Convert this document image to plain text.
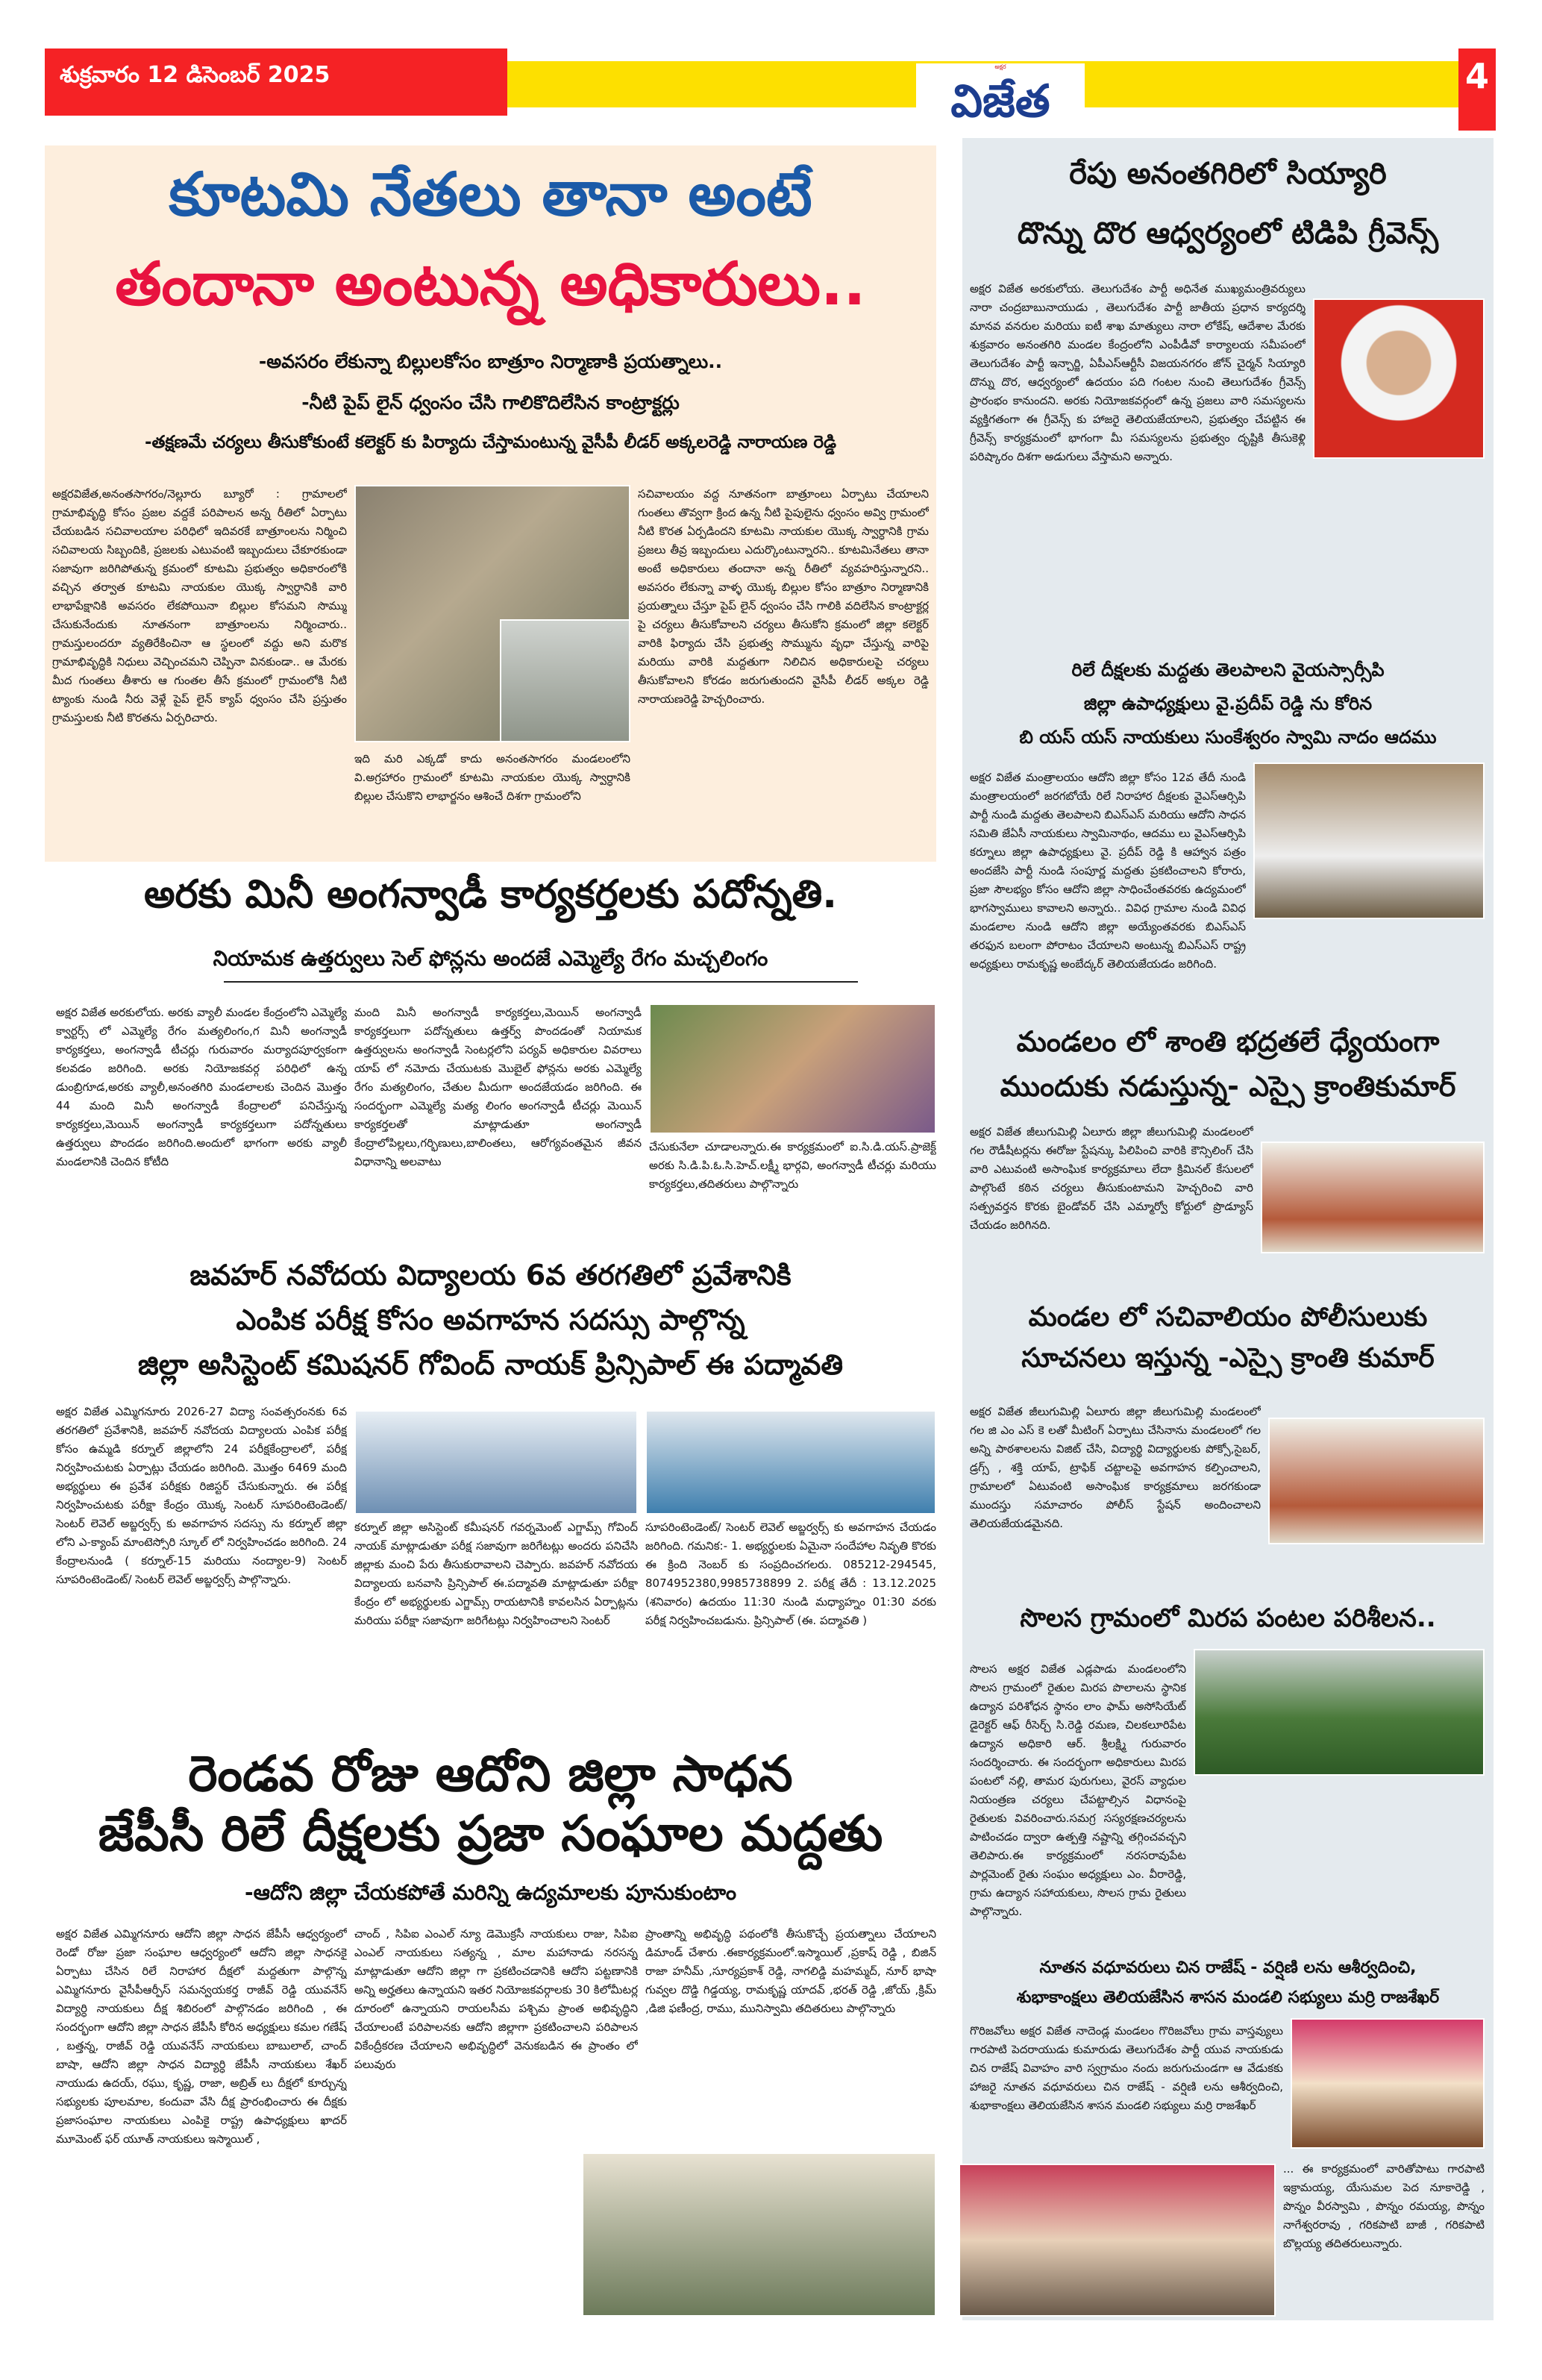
శుక్రవారం 12 డిసెంబర్ 2025	అక్షర
విజేత	4
కూటమి నేతలు తానా అంటే
తందానా అంటున్న అధికారులు..
-అవసరం లేకున్నా బిల్లులకోసం బాత్రూం నిర్మాణాకి ప్రయత్నాలు..
-నీటి పైప్ లైన్ ధ్వంసం చేసి గాలికొదిలేసిన కాంట్రాక్టర్లు
-తక్షణమే చర్యలు తీసుకోకుంటే కలెక్టర్ కు పిర్యాదు చేస్తామంటున్న వైసీపీ లీడర్ అక్కలరెడ్డి నారాయణ రెడ్డి
అక్షరవిజేత,అనంతసాగరం/నెల్లూరు బ్యూరో : గ్రామాలలో గ్రామాభివృద్ధి కోసం ప్రజల వద్దకే పరిపాలన అన్న రీతిలో ఏర్పాటు చేయబడిన సచివాలయాల పరిధిలో ఇదివరకే బాత్రూంలను నిర్మించి సచివాలయ సిబ్బందికి, ప్రజలకు ఎటువంటి ఇబ్బందులు చేకూరకుండా సజావుగా జరిగిపోతున్న క్రమంలో కూటమి ప్రభుత్వం అధికారంలోకి వచ్చిన తర్వాత కూటమి నాయకుల యొక్క స్వార్ధానికి వారి లాభాపేక్షానికి అవసరం లేకపోయినా బిల్లుల కోసమని సొమ్ము చేసుకునేందుకు నూతనంగా బాత్రూంలను నిర్మించారు.. గ్రామస్తులందరూ వ్యతిరేకించినా ఆ స్థలంలో వద్దు అని మరొక గ్రామాభివృద్ధికి నిధులు వెచ్చించమని చెప్పినా వినకుండా.. ఆ మేరకు మీద గుంతలు తీశారు ఆ గుంతల తీసే క్రమంలో గ్రామంలోకి నీటి ట్యాంకు నుండి నీరు వెళ్లే పైప్ లైన్ క్యాప్ ధ్వంసం చేసి ప్రస్తుతం గ్రామస్తులకు నీటి కొరతను ఏర్పరిచారు.
ఇది మరి ఎక్కడో కాదు అనంతసాగరం మండలంలోని వి.అగ్రహారం గ్రామంలో కూటమి నాయకుల యొక్క స్వార్ధానికి బిల్లుల చేసుకొని లాభార్జనం ఆశించే దిశగా గ్రామంలోని
సచివాలయం వద్ద నూతనంగా బాత్రూంలు ఏర్పాటు చేయాలని గుంతలు తొవ్వగా క్రింద ఉన్న నీటి పైపులైను ధ్వంసం అవ్వి గ్రామంలో నీటి కొరత ఏర్పడిందని కూటమి నాయకుల యొక్క స్వార్ధానికి గ్రామ ప్రజలు తీవ్ర ఇబ్బందులు ఎదుర్కొంటున్నారని.. కూటమినేతలు తానా అంటే అధికారులు తందానా అన్న రీతిలో వ్యవహరిస్తున్నారని.. అవసరం లేకున్నా వాళ్ళ యొక్క బిల్లుల కోసం బాత్రూం నిర్మాణానికి ప్రయత్నాలు చేస్తూ పైప్ లైన్ ధ్వంసం చేసి గాలికి వదిలేసిన కాంట్రాక్టర్ల పై చర్యలు తీసుకోవాలని చర్యలు తీసుకోని క్రమంలో జిల్లా కలెక్టర్ వారికి ఫిర్యాదు చేసి ప్రభుత్వ సొమ్మును వృధా చేస్తున్న వారిపై మరియు వారికి మద్దతుగా నిలిచిన అధికారులపై చర్యలు తీసుకోవాలని కోరడం జరుగుతుందని వైసీపీ లీడర్ అక్కల రెడ్డి నారాయణరెడ్డి హెచ్చరించారు.
అరకు మినీ అంగన్వాడీ కార్యకర్తలకు పదోన్నతి.
నియామక ఉత్తర్వులు సెల్ ఫోన్లను అందజే ఎమ్మెల్యే రేగం మచ్చలింగం
అక్షర విజేత అరకులోయ. అరకు వ్యాలీ మండల కేంద్రంలోని ఎమ్మెల్యే క్వార్టర్స్ లో ఎమ్మెల్యే రేగం మత్యలింగం,గ మినీ అంగన్వాడీ కార్యకర్తలు, అంగన్వాడీ టీచర్లు గురువారం మర్యాదపూర్వకంగా కలవడం జరిగింది. అరకు నియోజకవర్గ పరిధిలో ఉన్న డుంబ్రిగూడ,అరకు వ్యాలీ,అనంతగిరి మండలాలకు చెందిన మొత్తం 44 మంది మినీ అంగన్వాడీ కేంద్రాలలో పనిచేస్తున్న కార్యకర్తలు,మెయిన్ అంగన్వాడీ కార్యకర్తలుగా పదోన్నతులు ఉత్తర్వులు పొందడం జరిగింది.అందులో భాగంగా అరకు వ్యాలీ మండలానికి చెందిన కోటీది
మంది మినీ అంగన్వాడీ కార్యకర్తలు,మెయిన్ అంగన్వాడీ కార్యకర్తలుగా పదోన్నతులు ఉత్తర్వ్ పొందడంతో నియామక ఉత్తర్వులను అంగన్వాడీ సెంటర్లలోని పర్యవ్ అధికారుల వివరాలు యాప్ లో నమోదు చేయుటకు మొబైల్ ఫోన్లను అరకు ఎమ్మెల్యే రేగం మత్యలింగం, చేతుల మీదుగా అందజేయడం జరిగింది. ఈ సందర్భంగా ఎమ్మెల్యే మత్య లింగం అంగన్వాడీ టీచర్లు మెయిన్ కార్యకర్తలతో మాట్లాడుతూ అంగన్వాడీ కేంద్రాలోపిల్లలు,గర్భిణులు,బాలింతలు, ఆరోగ్యవంతమైన జీవన విధానాన్ని అలవాటు
చేసుకునేలా చూడాలన్నారు.ఈ కార్యక్రమంలో ఐ.సి.డి.యస్.ప్రాజెక్ట్ అరకు సి.డి.పి.ఓ.సి.హెచ్.లక్ష్మీ భార్గవి, అంగన్వాడీ టీచర్లు మరియు కార్యకర్తలు,తదితరులు పాల్గొన్నారు
జవహర్ నవోదయ విద్యాలయ 6వ తరగతిలో ప్రవేశానికి
ఎంపిక పరీక్ష కోసం అవగాహన సదస్సు పాల్గొన్న
జిల్లా అసిస్టెంట్ కమిషనర్ గోవింద్ నాయక్ ప్రిన్సిపాల్ ఈ పద్మావతి
అక్షర విజేత ఎమ్మిగనూరు 2026-27 విద్యా సంవత్సరంనకు 6వ తరగతిలో ప్రవేశానికి, జవహర్ నవోదయ విద్యాలయ ఎంపిక పరీక్ష కోసం ఉమ్మడి కర్నూల్ జిల్లాలోని 24 పరీక్షకేంద్రాలలో, పరీక్ష నిర్వహించుటకు ఏర్పాట్లు చేయడం జరిగింది. మొత్తం 6469 మంది అభ్యర్థులు ఈ ప్రవేశ పరీక్షకు రిజిస్టర్ చేసుకున్నారు. ఈ పరీక్ష నిర్వహించుటకు పరీక్షా కేంద్రం యొక్క సెంటర్ సూపరింటెండెంట్/ సెంటర్ లెవెల్ అబ్జర్వర్స్ కు అవగాహన సదస్సు ను కర్నూల్ జిల్లా లోని ఎ-క్యాంప్ మాంటెస్సోరి స్కూల్ లో నిర్వహించడం జరిగింది. 24 కేంద్రాలనుండి ( కర్నూల్-15 మరియు నంద్యాల-9) సెంటర్ సూపరింటెండెంట్/ సెంటర్ లెవెల్ అబ్జర్వర్స్ పాల్గొన్నారు.
కర్నూల్ జిల్లా అసిస్టెంట్ కమీషనర్ గవర్నమెంట్ ఎగ్జామ్స్ గోవింద్ నాయక్ మాట్లాడుతూ పరీక్ష సజావుగా జరిగేటట్లు అందరు పనిచేసి జిల్లాకు మంచి పేరు తీసుకురావాలని చెప్పారు. జవహర్ నవోదయ విద్యాలయ బనవాసి ప్రిన్సిపాల్ ఈ.పద్మావతి మాట్లాడుతూ పరీక్షా కేంద్రం లో అభ్యర్థులకు ఎగ్జామ్స్ రాయటానికి కావలసిన ఏర్పాట్లను మరియు పరీక్షా సజావుగా జరిగేటట్లు నిర్వహించాలని సెంటర్
సూపరింటెండెంట్/ సెంటర్ లెవెల్ అబ్జర్వర్స్ కు అవగాహన చేయడం జరిగింది. గమనిక:- 1. అభ్యర్థులకు ఏమైనా సందేహాల నివృతి కొరకు ఈ క్రింది నెంబర్ కు సంప్రదించగలరు. 085212-294545, 8074952380,9985738899 2. పరీక్ష తేదీ : 13.12.2025 (శనివారం) ఉదయం 11:30 నుండి మధ్యాహ్నం 01:30 వరకు పరీక్ష నిర్వహించబడును. ప్రిన్సిపాల్ (ఈ. పద్మావతి )
రెండవ రోజు ఆదోని జిల్లా సాధన
జేపీసీ రిలే దీక్షలకు ప్రజా సంఘాల మద్దతు
-ఆదోని జిల్లా చేయకపోతే మరిన్ని ఉద్యమాలకు పూనుకుంటాం
అక్షర విజేత ఎమ్మిగనూరు ఆదోని జిల్లా సాధన జేపీసీ ఆధ్వర్యంలో రెండో రోజు ప్రజా సంఘాల ఆధ్వర్యంలో ఆదోని జిల్లా సాధనకై ఏర్పాటు చేసిన రిలే నిరాహార దీక్షలో మద్దతుగా పాల్గొన్న ఎమ్మిగనూరు వైసీపీఆర్పీస్ సమన్వయకర్త రాజీవ్ రెడ్డి యువనేస్ విద్యార్ధి నాయకులు దీక్ష శిబిరంలో పాల్గొనడం జరిగింది , ఈ సందర్భంగా ఆదోని జిల్లా సాధన జేపీసీ కోరిన అధ్యక్షులు కమల గణేష్ , బత్తన్న, రాజీవ్ రెడ్డి యువనేస్ నాయకులు బాబులాల్, చాంద్ బాషా, ఆదోని జిల్లా సాధన విద్యార్ధి జేపీసీ నాయకులు శేఖర్ నాయుడు ఉదయ్, రఘు, కృష్ణ, రాజా, అబ్రిత్ లు దీక్షలో కూర్చున్న సభ్యులకు పూలమాల, కందువా వేసి దీక్ష ప్రారంభించారు ఈ దీక్షకు ప్రజాసంఘాల నాయకులు ఎంపికై రాష్ట్ర ఉపాధ్యక్షులు ఖాదర్ మూమెంట్ ఫర్ యూత్ నాయకులు ఇస్మాయిల్ ,
చాంద్ , సిపిఐ ఎంఎల్ న్యూ డెమొక్రసీ నాయకులు రాజు, సిపిఐ ఎంఎల్ నాయకులు సత్యన్న , మాల మహానాడు నరసన్న మాట్లాడుతూ ఆదోని జిల్లా గా ప్రకటించడానికి ఆదోని పట్టణానికి అన్ని అర్హతలు ఉన్నాయని ఇతర నియోజకవర్గాలకు 30 కిలోమీటర్ల దూరంలో ఉన్నాయని రాయలసీమ పశ్చిమ ప్రాంత అభివృద్ధిని చేయాలంటే పరిపాలనకు ఆదోని జిల్లాగా ప్రకటించాలని పరిపాలన వికేంద్రీకరణ చేయాలని అభివృద్ధిలో వెనుకబడిన ఈ ప్రాంతం లో పలువురు
ప్రాంతాన్ని అభివృద్ధి పథంలోకి తీసుకొచ్చే ప్రయత్నాలు చేయాలని డిమాండ్ చేశారు .ఈకార్యక్రమంలో.ఇస్మాయిల్ ,ప్రకాష్ రెడ్డి , బిజిన్ రాజా హనీమ్ ,సూర్యప్రకాశ్ రెడ్డి, నాగలిడ్డి మహమ్మద్, నూర్ భాషా గువ్వల దొడ్డి గిడ్డయ్య, రామకృష్ణ యాదవ్ ,భరత్ రెడ్డి ,జోయ్ ,క్రిమ్ ,డిజి ఫణీంద్ర, రాము, మునిస్వామి తదితరులు పాల్గొన్నారు
రేపు అనంతగిరిలో సియ్యారి
దొన్ను దొర ఆధ్వర్యంలో టిడిపి గ్రీవెన్స్
అక్షర విజేత అరకులోయ. తెలుగుదేశం పార్టీ అధినేత ముఖ్యమంత్రివర్యులు నారా చంద్రబాబునాయుడు , తెలుగుదేశం పార్టీ జాతీయ ప్రధాన కార్యదర్శి మానవ వనరుల మరియు ఐటీ శాఖ మాత్యులు నారా లోకేష్, ఆదేశాల మేరకు శుక్రవారం అనంతగిరి మండల కేంద్రంలోని ఎంపీడీవో కార్యాలయ సమీపంలో తెలుగుదేశం పార్టీ ఇన్చార్జి, ఏపీఎస్ఆర్టీసీ విజయనగరం జోన్ చైర్మన్ సియ్యారి దొన్ను దొర, ఆధ్వర్యంలో ఉదయం పది గంటల నుంచి తెలుగుదేశం గ్రీవెన్స్ ప్రారంభం కానుందని. అరకు నియోజకవర్గంలో ఉన్న ప్రజలు వారి సమస్యలను వ్యక్తిగతంగా ఈ గ్రీవెన్స్ కు హాజరై తెలియజేయాలని, ప్రభుత్వం చేపట్టిన ఈ గ్రీవెన్స్ కార్యక్రమంలో భాగంగా మీ సమస్యలను ప్రభుత్వం దృష్టికి తీసుకెళ్లి పరిష్కారం దిశగా అడుగులు వేస్తామని అన్నారు.
రిలే దీక్షలకు మద్దతు తెలపాలని వైయస్సార్సీపి
జిల్లా ఉపాధ్యక్షులు వై.ప్రదీప్ రెడ్డి ను కోరిన
బి యస్ యస్ నాయకులు సుంకేశ్వరం స్వామి నాదం ఆదము
అక్షర విజేత మంత్రాలయం ఆదోని జిల్లా కోసం 12వ తేదీ నుండి మంత్రాలయంలో జరగబోయే రిలే నిరాహార దీక్షలకు వైఎస్ఆర్సిపి పార్టీ నుండి మద్దతు తెలపాలని బిఎస్ఎస్ మరియు ఆదోని సాధన సమితి జేఏసీ నాయకులు స్వామినాథం, ఆదము లు వైఎస్ఆర్సిపి కర్నూలు జిల్లా ఉపాధ్యక్షులు వై. ప్రదీప్ రెడ్డి కి ఆహ్వాన పత్రం అందజేసి పార్టీ నుండి సంపూర్ణ మద్దతు ప్రకటించాలని కోరారు, ప్రజా సౌలభ్యం కోసం ఆదోని జిల్లా సాధించేంతవరకు ఉద్యమంలో భాగస్వాములు కావాలని అన్నారు.. వివిధ గ్రామాల నుండి వివిధ మండలాల నుండి ఆదోని జిల్లా అయ్యేంతవరకు బిఎస్ఎస్ తరఫున బలంగా పోరాటం చేయాలని అంటున్న బిఎస్ఎస్ రాష్ట్ర అధ్యక్షులు రామకృష్ణ అంబేద్కర్ తెలియజేయడం జరిగింది.
మండలం లో శాంతి భద్రతలే ధ్యేయంగా
ముందుకు నడుస్తున్న- ఎస్సై క్రాంతికుమార్
అక్షర విజేత జీలుగుమిల్లి ఏలూరు జిల్లా జీలుగుమిల్లి మండలంలో గల రౌడీషీటర్లను ఈరోజు స్టేషన్కు పిలిపించి వారికి కౌన్సిలింగ్ చేసి వారి ఎటువంటి అసాంఘిక కార్యక్రమాలు లేదా క్రిమినల్ కేసులలో పాల్గొంటే కఠిన చర్యలు తీసుకుంటామని హెచ్చరించి వారి సత్ప్రవర్తన కొరకు బైండోవర్ చేసి ఎమ్మార్వో కోర్టులో ప్రొడ్యూస్ చేయడం జరిగినది.
మండల లో సచివాలియం పోలీసులుకు
సూచనలు ఇస్తున్న -ఎస్సై క్రాంతి కుమార్
అక్షర విజేత జీలుగుమిల్లి ఏలూరు జిల్లా జీలుగుమిల్లి మండలంలో గల జి ఎం ఎస్ కె లతో మీటింగ్ ఏర్పాటు చేసినాను మండలంలో గల అన్ని పాఠశాలలను విజిట్ చేసి, విద్యార్థి విద్యార్థులకు పోక్సో,సైబర్, డ్రగ్స్ , శక్తి యాప్, ట్రాఫిక్ చట్టాలపై అవగాహన కల్పించాలని, గ్రామాలలో ఏటువంటి అసాంఘిక కార్యక్రమాలు జరగకుండా ముందస్తు సమాచారం పోలీస్ స్టేషన్ అందించాలని తెలియజేయడమైనది.
సొలస గ్రామంలో మిరప పంటల పరిశీలన..
సొలస అక్షర విజేత ఎడ్లపాడు మండలంలోని సొలస గ్రామంలో రైతుల మిరప పొలాలను స్థానిక ఉద్యాన పరిశోధన స్థానం లాం ఫామ్ అసోసియేట్ డైరెక్టర్ ఆఫ్ రీసెర్చ్ సి.రెడ్డి రమణ, చిలకలూరిపేట ఉద్యాన అధికారి ఆర్. శ్రీలక్ష్మి గురువారం సందర్శించారు. ఈ సందర్భంగా అధికారులు మిరప పంటలో నల్లి, తామర పురుగులు, వైరస్ వ్యాధుల నియంత్రణ చర్యలు చేపట్టాల్సిన విధానంపై రైతులకు వివరించారు.సమగ్ర సస్యరక్షణచర్యలను పాటించడం ద్వారా ఉత్పత్తి నష్టాన్ని తగ్గించవచ్చని తెలిపారు.ఈ కార్యక్రమంలో నరసరావుపేట పార్లమెంట్ రైతు సంఘం అధ్యక్షులు ఎం. వీరారెడ్డి, గ్రామ ఉద్యాన సహాయకులు, సొలస గ్రామ రైతులు పాల్గొన్నారు.
నూతన వధూవరులు చిన రాజేష్ - వర్షిణి లను ఆశీర్వదించి,
శుభాకాంక్షలు తెలియజేసిన శాసన మండలి సభ్యులు మర్రి రాజశేఖర్
గొరిజవోలు అక్షర విజేత నాదెండ్ల మండలం గొరిజవోలు గ్రామ వాస్తవ్యులు గారపాటి పెదరాయుడు కుమారుడు తెలుగుదేశం పార్టీ యువ నాయకుడు చిన రాజేష్ వివాహం వారి స్వగ్రామం నందు జరుగుచుండగా ఆ వేడుకకు హాజరై నూతన వధూవరులు చిన రాజేష్ - వర్షిణి లను ఆశీర్వదించి, శుభాకాంక్షలు తెలియజేసిన శాసన మండలి సభ్యులు మర్రి రాజశేఖర్
... ఈ కార్యక్రమంలో వారితోపాటు గారపాటి ఇక్రామయ్య, యేసుమల పెద నూకారెడ్డి , పొన్నం వీరస్వామి , పొన్నం రమయ్య, పొన్నం నాగేశ్వరరావు , గరికపాటి బాజీ , గరికపాటి బొల్లయ్య తదితరులున్నారు.
